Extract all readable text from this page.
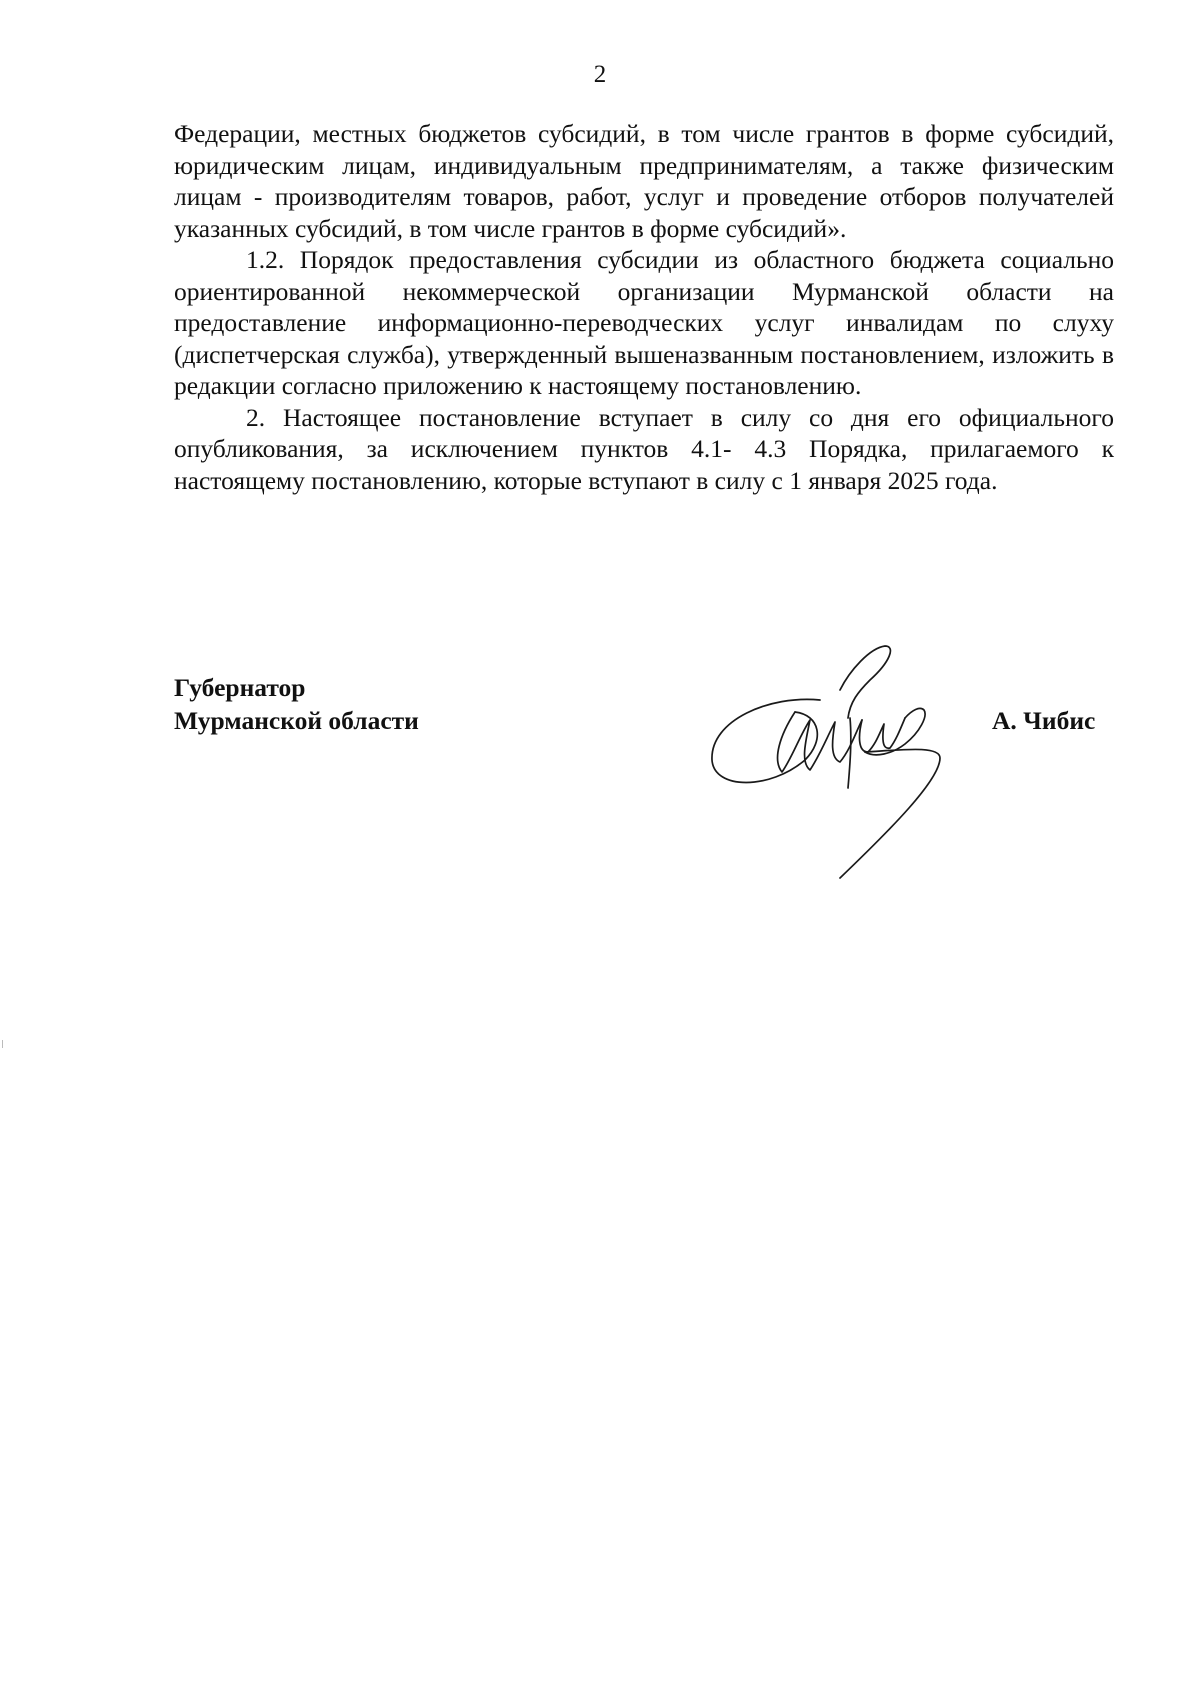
2

Федерации, местных бюджетов субсидий, в том числе грантов в форме субсидий, юридическим лицам, индивидуальным предпринимателям, а также физическим лицам - производителям товаров, работ, услуг и проведение отборов получателей указанных субсидий, в том числе грантов в форме субсидий».

1.2. Порядок предоставления субсидии из областного бюджета социально ориентированной некоммерческой организации Мурманской области на предоставление информационно-переводческих услуг инвалидам по слуху (диспетчерская служба), утвержденный вышеназванным постановлением, изложить в редакции согласно приложению к настоящему постановлению.

2. Настоящее постановление вступает в силу со дня его официального опубликования, за исключением пунктов 4.1- 4.3 Порядка, прилагаемого к настоящему постановлению, которые вступают в силу с 1 января 2025 года.

Губернатор
Мурманской области	А. Чибис
